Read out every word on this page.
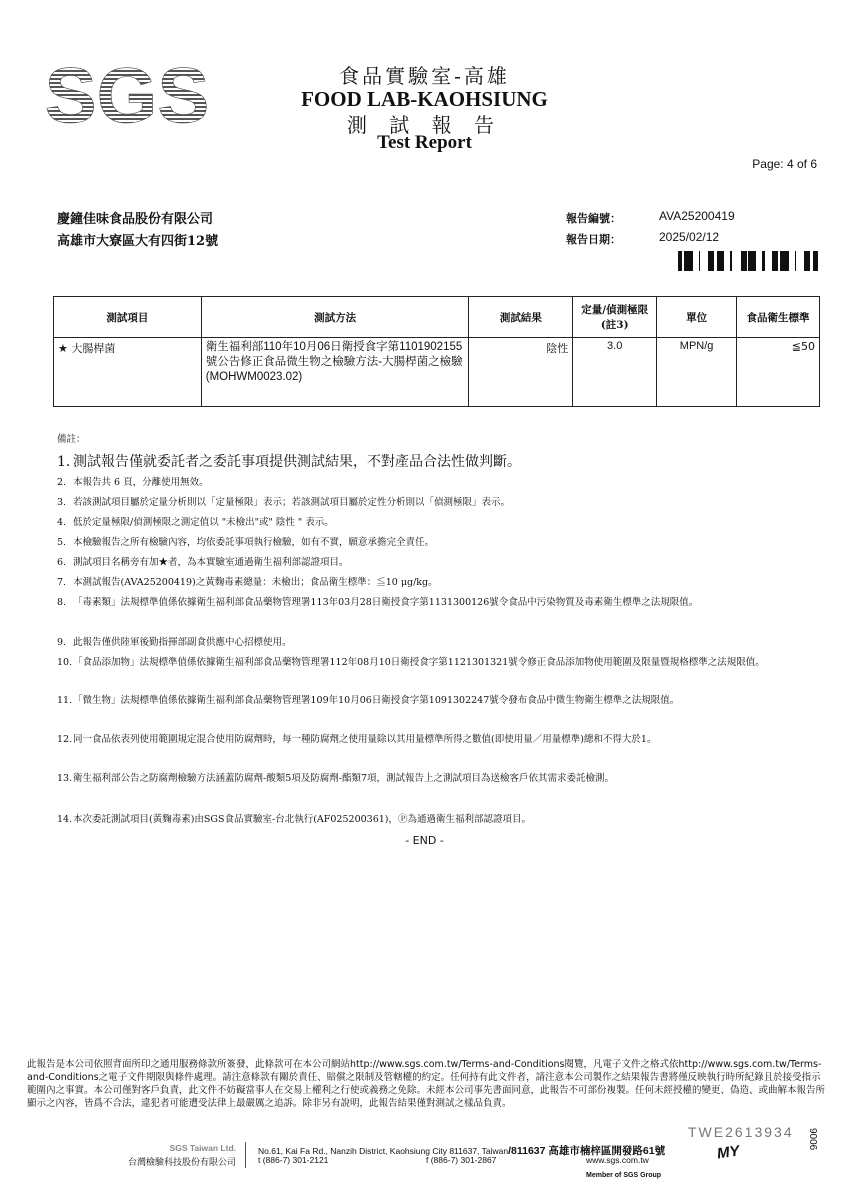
SGS	食品實驗室-高雄
FOOD LAB-KAOHSIUNG
測 試 報 告
Test Report
Page: 4 of 6
慶鐘佳味食品股份有限公司
高雄市大寮區大有四街12號
報告編號：	AVA25200419
報告日期：	2025/02/12
測試項目	測試方法	測試結果	定量/偵測極限(註3)	單位	食品衛生標準
★ 大腸桿菌	衛生福利部110年10月06日衛授食字第1101902155號公告修正食品微生物之檢驗方法-大腸桿菌之檢驗(MOHWM0023.02)	陰性	3.0	MPN/g	≦50
備註：
1. 測試報告僅就委託者之委託事項提供測試結果，不對產品合法性做判斷。
2. 本報告共 6 頁，分離使用無效。
3. 若該測試項目屬於定量分析則以「定量極限」表示；若該測試項目屬於定性分析則以「偵測極限」表示。
4. 低於定量極限/偵測極限之測定值以 "未檢出"或" 陰性 " 表示。
5. 本檢驗報告之所有檢驗內容，均依委託事項執行檢驗，如有不實，願意承擔完全責任。
6. 測試項目名稱旁有加★者，為本實驗室通過衛生福利部認證項目。
7. 本測試報告(AVA25200419)之黃麴毒素總量：未檢出；食品衛生標準：≦10 μg/kg。
8. 「毒素類」法規標準值係依據衛生福利部食品藥物管理署113年03月28日衛授食字第1131300126號令食品中污染物質及毒素衛生標準之法規限值。
9. 此報告僅供陸軍後勤指揮部副食供應中心招標使用。
10. 「食品添加物」法規標準值係依據衛生福利部食品藥物管理署112年08月10日衛授食字第1121301321號令修正食品添加物使用範圍及限量暨規格標準之法規限值。
11. 「微生物」法規標準值係依據衛生福利部食品藥物管理署109年10月06日衛授食字第1091302247號令發布食品中微生物衛生標準之法規限值。
12. 同一食品依表列使用範圍規定混合使用防腐劑時，每一種防腐劑之使用量除以其用量標準所得之數值(即使用量／用量標準)總和不得大於1。
13. 衛生福利部公告之防腐劑檢驗方法涵蓋防腐劑-酸類5項及防腐劑-酯類7項，測試報告上之測試項目為送檢客戶依其需求委託檢測。
14. 本次委託測試項目(黃麴毒素)由SGS食品實驗室-台北執行(AF025200361)，Ⓟ為通過衛生福利部認證項目。
- END -
此報告是本公司依照背面所印之通用服務條款所簽發，此條款可在本公司網站http://www.sgs.com.tw/Terms-and-Conditions閱覽，凡電子文件之格式依http://www.sgs.com.tw/Terms-and-Conditions之電子文件期限與條件處理。請注意條款有關於責任、賠償之限制及管轄權的約定。任何持有此文件者，請注意本公司製作之結果報告書將僅反映執行時所紀錄且於接受指示範圍內之事實。本公司僅對客戶負責，此文件不妨礙當事人在交易上權利之行使或義務之免除。未經本公司事先書面同意，此報告不可部份複製。任何未經授權的變更、偽造、或曲解本報告所顯示之內容，皆爲不合法，違犯者可能遭受法律上最嚴厲之追訴。除非另有說明，此報告結果僅對測試之樣品負責。
SGS Taiwan Ltd.
台灣檢驗科技股份有限公司
No.61, Kai Fa Rd., Nanzih District, Kaohsiung City 811637, Taiwan/811637 高雄市楠梓區開發路61號
t (886-7) 301-2121	f (886-7) 301-2867	www.sgs.com.tw
Member of SGS Group
TWE2613934 9006
MY
